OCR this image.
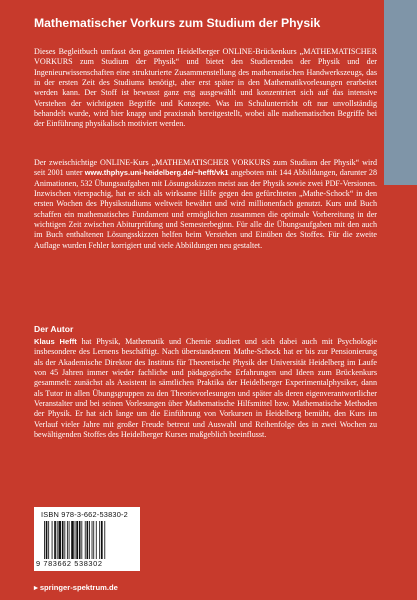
Mathematischer Vorkurs zum Studium der Physik

Dieses Begleitbuch umfasst den gesamten Heidelberger ONLINE-Brückenkurs „MATHEMATISCHER VORKURS zum Studium der Physik“ und bietet den Studierenden der Physik und der Ingenieurwissenschaften eine strukturierte Zusammenstellung des mathematischen Handwerkszeugs, das in der ersten Zeit des Studiums benötigt, aber erst später in den Mathematikvorlesungen erarbeitet werden kann. Der Stoff ist bewusst ganz eng ausgewählt und konzentriert sich auf das intensive Verstehen der wichtigsten Begriffe und Konzepte. Was im Schulunterricht oft nur unvollständig behandelt wurde, wird hier knapp und praxisnah bereitgestellt, wobei alle mathematischen Begriffe bei der Einführung physikalisch motiviert werden.

Der zweischichtige ONLINE-Kurs „MATHEMATISCHER VORKURS zum Studium der Physik“ wird seit 2001 unter www.thphys.uni-heidelberg.de/~hefft/vk1 angeboten mit 144 Abbildungen, darunter 28 Animationen, 532 Übungsaufgaben mit Lösungsskizzen meist aus der Physik sowie zwei PDF-Versionen. Inzwischen vierspachig, hat er sich als wirksame Hilfe gegen den gefürchteten „Mathe-Schock“ in den ersten Wochen des Physikstudiums weltweit bewährt und wird millionenfach genutzt. Kurs und Buch schaffen ein mathematisches Fundament und ermöglichen zusammen die optimale Vorbereitung in der wichtigen Zeit zwischen Abiturprüfung und Semesterbeginn. Für alle die Übungsaufgaben mit den auch im Buch enthaltenen Lösungsskizzen helfen beim Verstehen und Einüben des Stoffes. Für die zweite Auflage wurden Fehler korrigiert und viele Abbildungen neu gestaltet.

Der Autor

Klaus Hefft hat Physik, Mathematik und Chemie studiert und sich dabei auch mit Psychologie insbesondere des Lernens beschäftigt. Nach überstandenem Mathe-Schock hat er bis zur Pensionierung als der Akademische Direktor des Instituts für Theoretische Physik der Universität Heidelberg im Laufe von 45 Jahren immer wieder fachliche und pädagogische Erfahrungen und Ideen zum Brückenkurs gesammelt: zunächst als Assistent in sämtlichen Praktika der Heidelberger Experimentalphysiker, dann als Tutor in allen Übungsgruppen zu den Theorievorlesungen und später als deren eigenverantwortlicher Veranstalter und bei seinen Vorlesungen über Mathematische Hilfsmittel bzw. Mathematische Methoden der Physik. Er hat sich lange um die Einführung von Vorkursen in Heidelberg bemüht, den Kurs im Verlauf vieler Jahre mit großer Freude betreut und Auswahl und Reihenfolge des in zwei Wochen zu bewältigenden Stoffes des Heidelberger Kurses maßgeblich beeinflusst.

ISBN 978-3-662-53830-2
9 783662 538302
▸ springer-spektrum.de
